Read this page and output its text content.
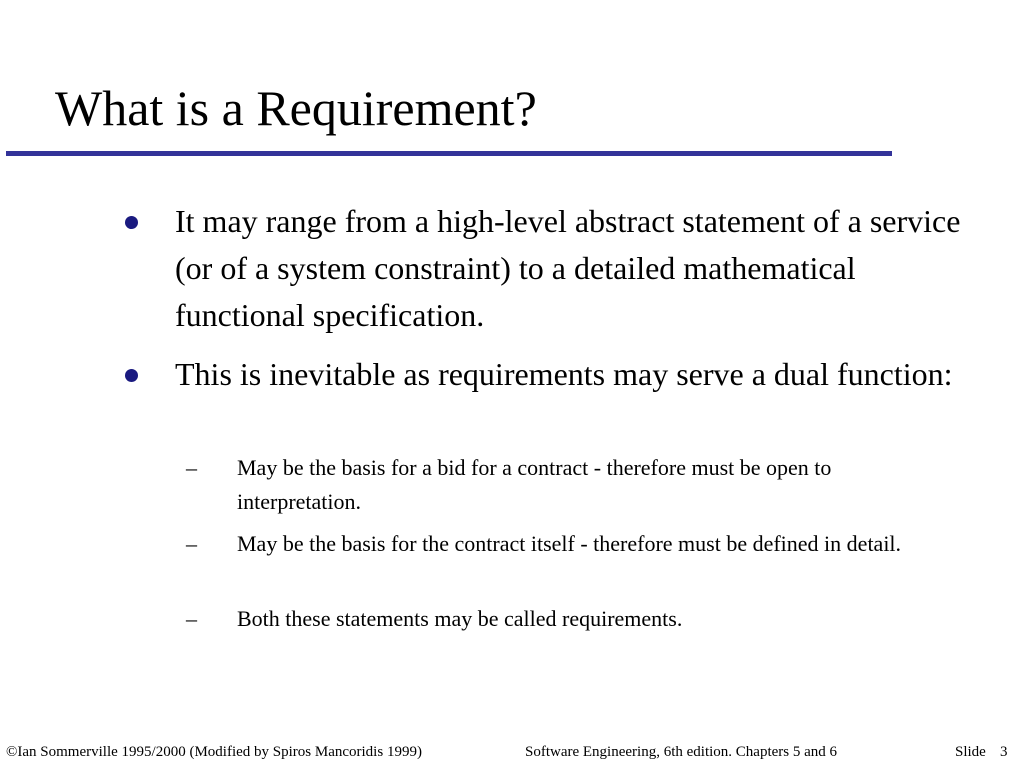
What is a Requirement?
It may range from a high-level abstract statement of a service (or of a system constraint) to a detailed mathematical functional specification.
This is inevitable as requirements may serve a dual function:
– May be the basis for a bid for a contract - therefore must be open to interpretation.
– May be the basis for the contract itself - therefore must be defined in detail.
– Both these statements may be called requirements.
©Ian Sommerville 1995/2000 (Modified by Spiros Mancoridis 1999)	Software Engineering, 6th edition. Chapters 5 and 6	Slide 3
